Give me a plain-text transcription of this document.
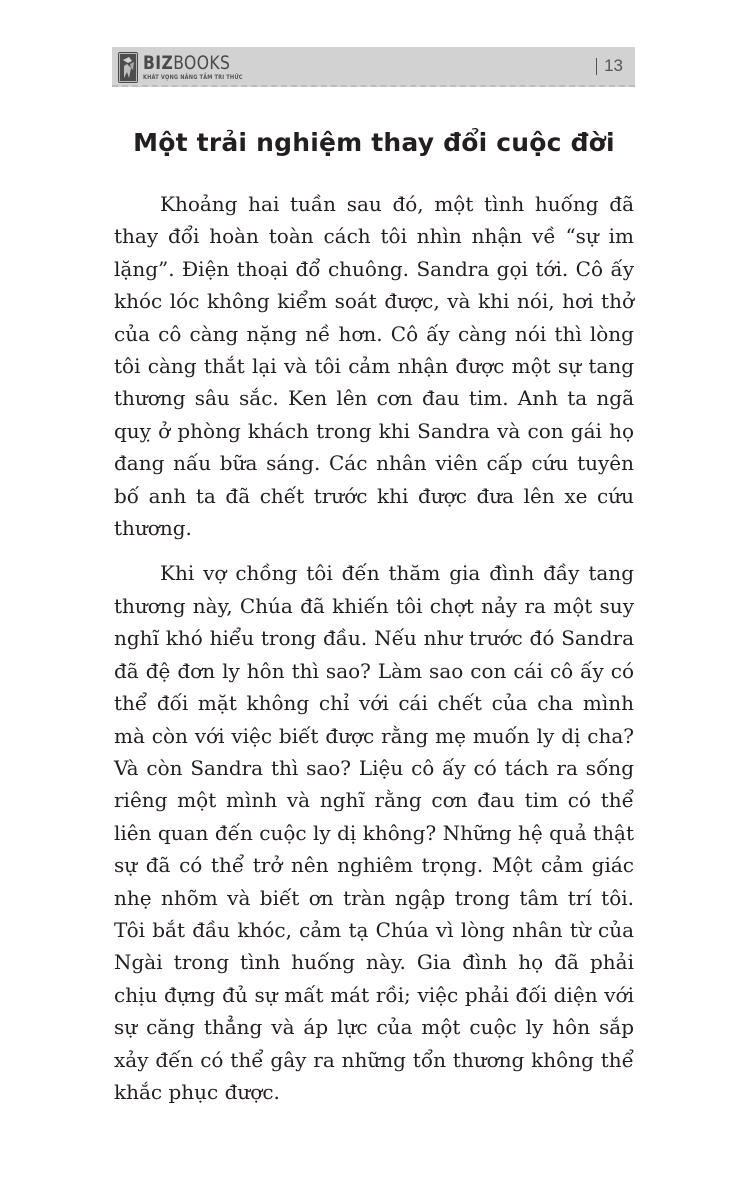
BIZBOOKS
KHÁT VỌNG NÂNG TẦM TRI THỨC
13
Một trải nghiệm thay đổi cuộc đời

Khoảng hai tuần sau đó, một tình huống đã thay đổi hoàn toàn cách tôi nhìn nhận về “sự im lặng”. Điện thoại đổ chuông. Sandra gọi tới. Cô ấy khóc lóc không kiểm soát được, và khi nói, hơi thở của cô càng nặng nề hơn. Cô ấy càng nói thì lòng tôi càng thắt lại và tôi cảm nhận được một sự tang thương sâu sắc. Ken lên cơn đau tim. Anh ta ngã quỵ ở phòng khách trong khi Sandra và con gái họ đang nấu bữa sáng. Các nhân viên cấp cứu tuyên bố anh ta đã chết trước khi được đưa lên xe cứu thương.

Khi vợ chồng tôi đến thăm gia đình đầy tang thương này, Chúa đã khiến tôi chợt nảy ra một suy nghĩ khó hiểu trong đầu. Nếu như trước đó Sandra đã đệ đơn ly hôn thì sao? Làm sao con cái cô ấy có thể đối mặt không chỉ với cái chết của cha mình mà còn với việc biết được rằng mẹ muốn ly dị cha? Và còn Sandra thì sao? Liệu cô ấy có tách ra sống riêng một mình và nghĩ rằng cơn đau tim có thể liên quan đến cuộc ly dị không? Những hệ quả thật sự đã có thể trở nên nghiêm trọng. Một cảm giác nhẹ nhõm và biết ơn tràn ngập trong tâm trí tôi. Tôi bắt đầu khóc, cảm tạ Chúa vì lòng nhân từ của Ngài trong tình huống này. Gia đình họ đã phải chịu đựng đủ sự mất mát rồi; việc phải đối diện với sự căng thẳng và áp lực của một cuộc ly hôn sắp xảy đến có thể gây ra những tổn thương không thể khắc phục được.
